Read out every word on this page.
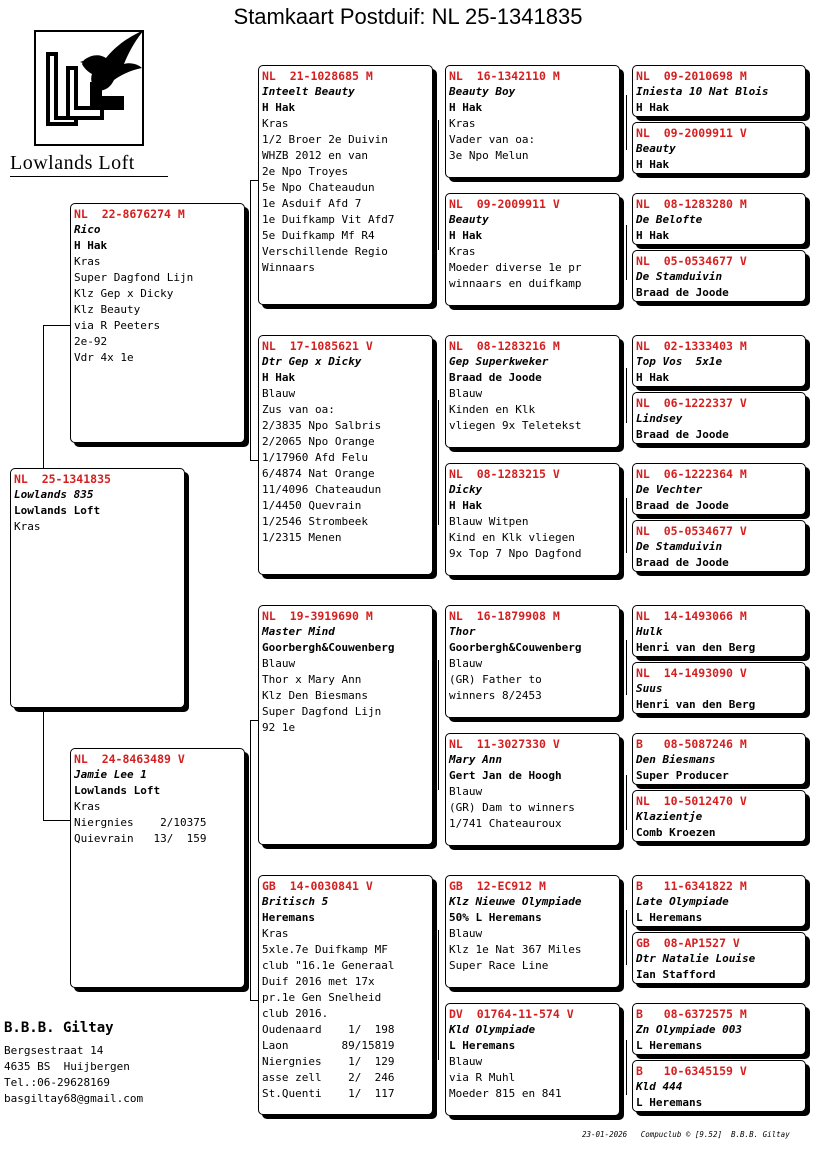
Stamkaart Postduif: NL 25-1341835
Lowlands Loft
NL  25-1341835
Lowlands 835
Lowlands Loft
Kras
NL  22-8676274 M
Rico
H Hak
Kras
Super Dagfond Lijn
Klz Gep x Dicky
Klz Beauty
via R Peeters
2e-92
Vdr 4x 1e
NL  24-8463489 V
Jamie Lee 1
Lowlands Loft
Kras
Niergnies    2/10375
Quievrain   13/  159
NL  21-1028685 M
Inteelt Beauty
H Hak
Kras
1/2 Broer 2e Duivin
WHZB 2012 en van
2e Npo Troyes
5e Npo Chateaudun
1e Asduif Afd 7
1e Duifkamp Vit Afd7
5e Duifkamp Mf R4
Verschillende Regio
Winnaars
NL  17-1085621 V
Dtr Gep x Dicky
H Hak
Blauw
Zus van oa:
2/3835 Npo Salbris
2/2065 Npo Orange
1/17960 Afd Felu
6/4874 Nat Orange
11/4096 Chateaudun
1/4450 Quevrain
1/2546 Strombeek
1/2315 Menen
NL  19-3919690 M
Master Mind
Goorbergh&Couwenberg
Blauw
Thor x Mary Ann
Klz Den Biesmans
Super Dagfond Lijn
92 1e
GB  14-0030841 V
Britisch 5
Heremans
Kras
5xle.7e Duifkamp MF
club "16.1e Generaal
Duif 2016 met 17x
pr.1e Gen Snelheid
club 2016.
Oudenaard    1/  198
Laon        89/15819
Niergnies    1/  129
asse zell    2/  246
St.Quenti    1/  117
NL  16-1342110 M
Beauty Boy
H Hak
Kras
Vader van oa:
3e Npo Melun
NL  09-2009911 V
Beauty
H Hak
Kras
Moeder diverse 1e pr
winnaars en duifkamp
NL  08-1283216 M
Gep Superkweker
Braad de Joode
Blauw
Kinden en Klk
vliegen 9x Teletekst
NL  08-1283215 V
Dicky
H Hak
Blauw Witpen
Kind en Klk vliegen
9x Top 7 Npo Dagfond
NL  16-1879908 M
Thor
Goorbergh&Couwenberg
Blauw
(GR) Father to
winners 8/2453
NL  11-3027330 V
Mary Ann
Gert Jan de Hoogh
Blauw
(GR) Dam to winners
1/741 Chateauroux
GB  12-EC912 M
Klz Nieuwe Olympiade
50% L Heremans
Blauw
Klz 1e Nat 367 Miles
Super Race Line
DV  01764-11-574 V
Kld Olympiade
L Heremans
Blauw
via R Muhl
Moeder 815 en 841
NL  09-2010698 M
Iniesta 10 Nat Blois
H Hak
NL  09-2009911 V
Beauty
H Hak
NL  08-1283280 M
De Belofte
H Hak
NL  05-0534677 V
De Stamduivin
Braad de Joode
NL  02-1333403 M
Top Vos  5x1e
H Hak
NL  06-1222337 V
Lindsey
Braad de Joode
NL  06-1222364 M
De Vechter
Braad de Joode
NL  05-0534677 V
De Stamduivin
Braad de Joode
NL  14-1493066 M
Hulk
Henri van den Berg
NL  14-1493090 V
Suus
Henri van den Berg
B   08-5087246 M
Den Biesmans
Super Producer
NL  10-5012470 V
Klazientje
Comb Kroezen
B   11-6341822 M
Late Olympiade
L Heremans
GB  08-AP1527 V
Dtr Natalie Louise
Ian Stafford
B   08-6372575 M
Zn Olympiade 003
L Heremans
B   10-6345159 V
Kld 444
L Heremans
B.B.B. Giltay
Bergsestraat 14
4635 BS  Huijbergen
Tel.:06-29628169
basgiltay68@gmail.com
23-01-2026   Compuclub © [9.52]  B.B.B. Giltay
